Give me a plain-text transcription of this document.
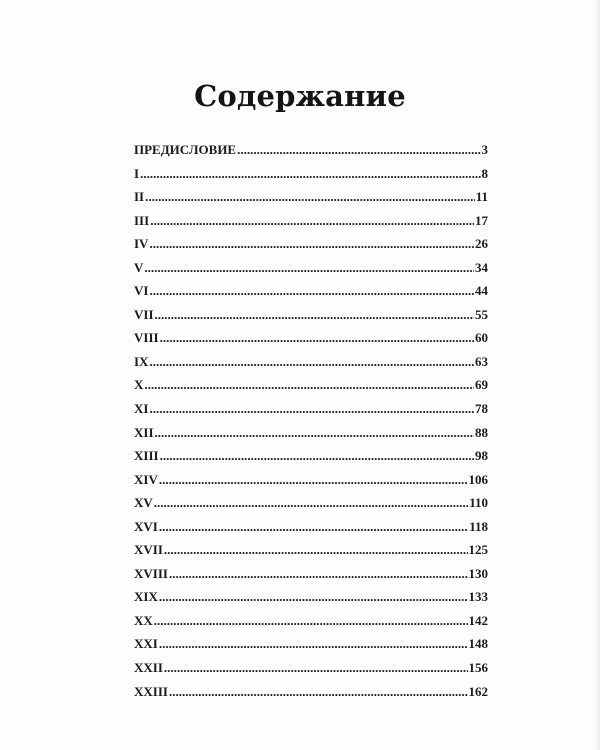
Содержание
ПРЕДИСЛОВИЕ .....	3
I .....	8
II .....	11
III .....	17
IV .....	26
V .....	34
VI .....	44
VII .....	55
VIII .....	60
IX .....	63
X .....	69
XI .....	78
XII .....	88
XIII .....	98
XIV .....	106
XV .....	110
XVI .....	118
XVII .....	125
XVIII .....	130
XIX .....	133
XX .....	142
XXI .....	148
XXII .....	156
XXIII .....	162
